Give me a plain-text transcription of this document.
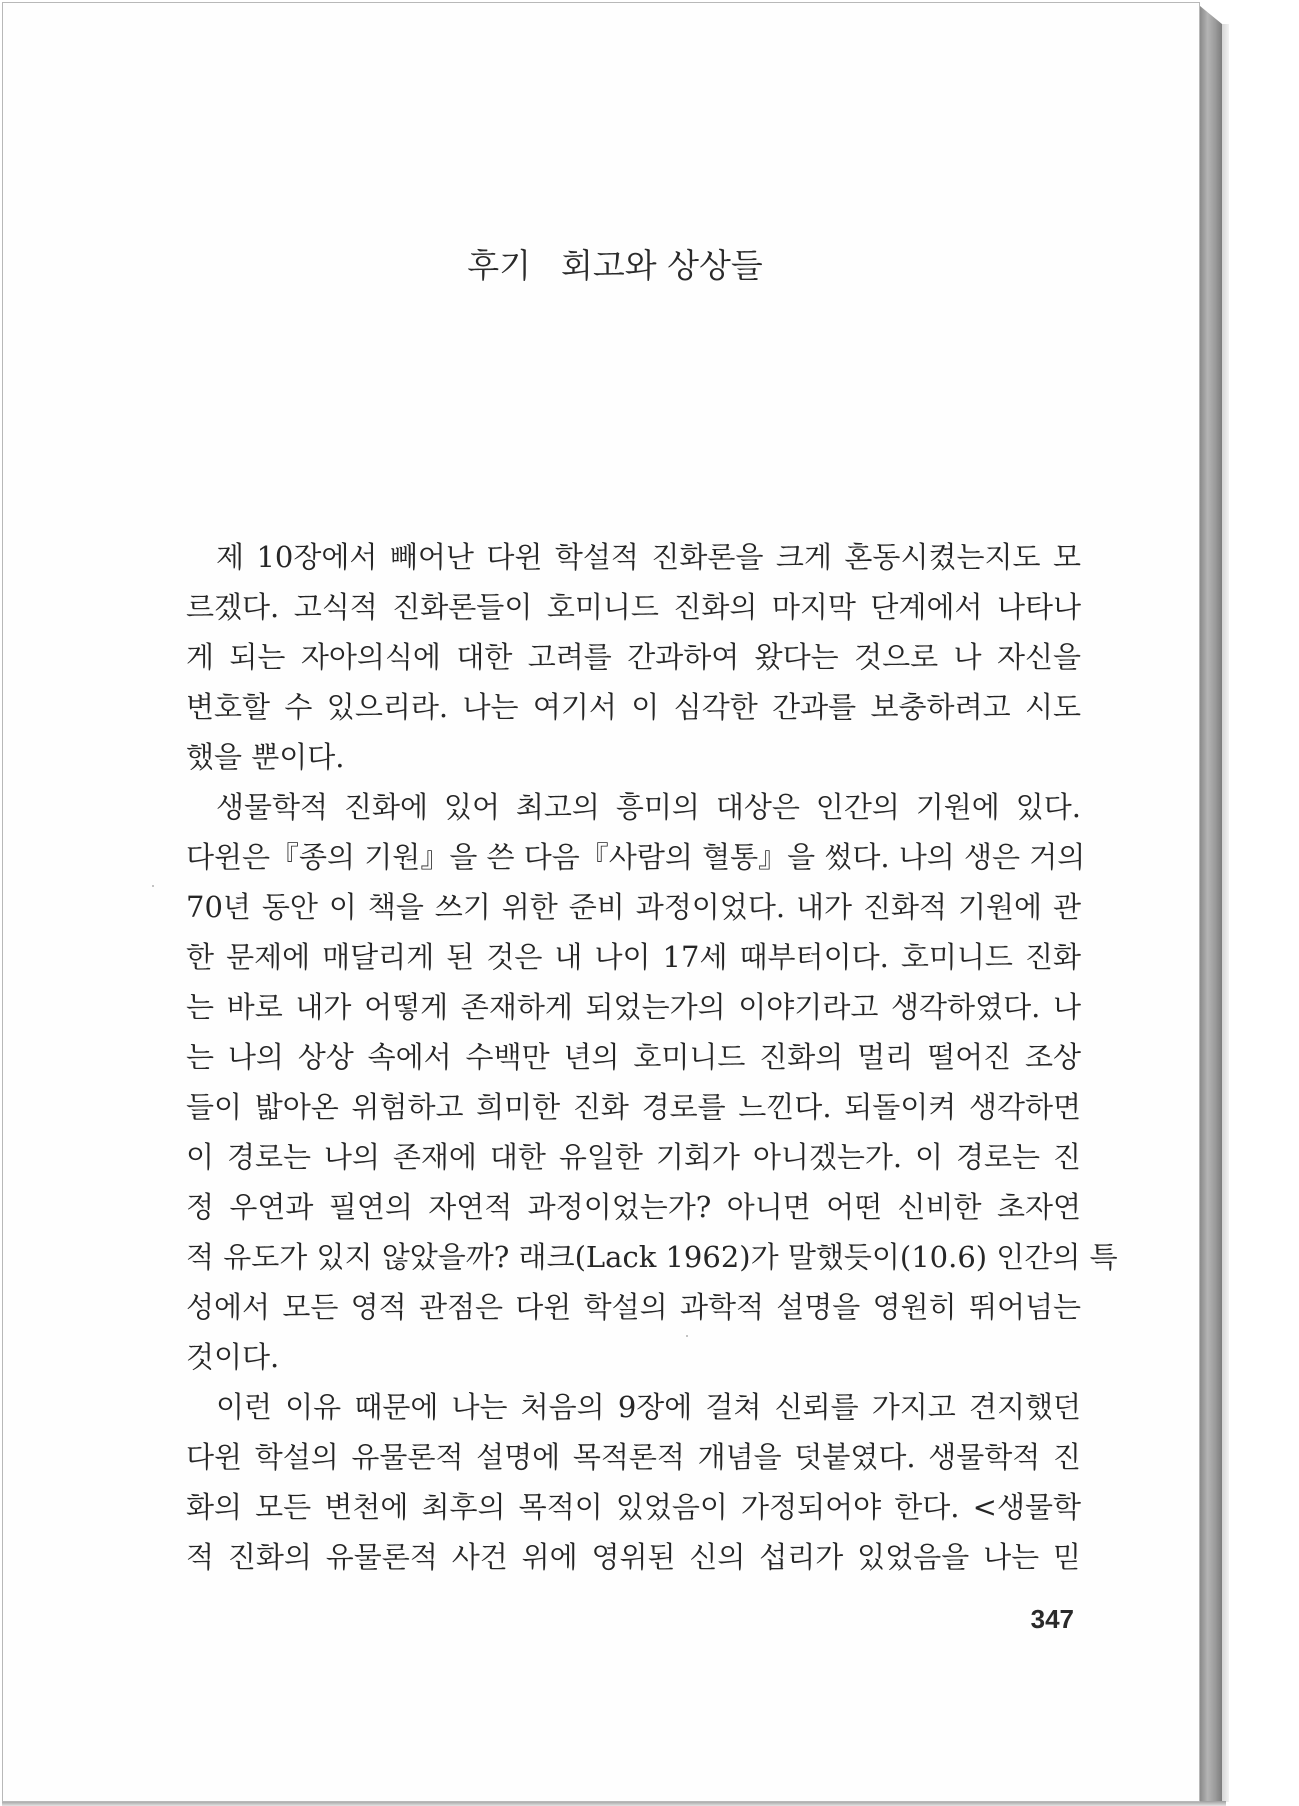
후기 회고와 상상들
제 10장에서 빼어난 다윈 학설적 진화론을 크게 혼동시켰는지도 모
르겠다. 고식적 진화론들이 호미니드 진화의 마지막 단계에서 나타나
게 되는 자아의식에 대한 고려를 간과하여 왔다는 것으로 나 자신을
변호할 수 있으리라. 나는 여기서 이 심각한 간과를 보충하려고 시도
했을 뿐이다.
생물학적 진화에 있어 최고의 흥미의 대상은 인간의 기원에 있다.
다윈은『종의 기원』을 쓴 다음『사람의 혈통』을 썼다. 나의 생은 거의
70년 동안 이 책을 쓰기 위한 준비 과정이었다. 내가 진화적 기원에 관
한 문제에 매달리게 된 것은 내 나이 17세 때부터이다. 호미니드 진화
는 바로 내가 어떻게 존재하게 되었는가의 이야기라고 생각하였다. 나
는 나의 상상 속에서 수백만 년의 호미니드 진화의 멀리 떨어진 조상
들이 밟아온 위험하고 희미한 진화 경로를 느낀다. 되돌이켜 생각하면
이 경로는 나의 존재에 대한 유일한 기회가 아니겠는가. 이 경로는 진
정 우연과 필연의 자연적 과정이었는가? 아니면 어떤 신비한 초자연
적 유도가 있지 않았을까? 래크(Lack 1962)가 말했듯이(10.6) 인간의 특
성에서 모든 영적 관점은 다윈 학설의 과학적 설명을 영원히 뛰어넘는
것이다.
이런 이유 때문에 나는 처음의 9장에 걸쳐 신뢰를 가지고 견지했던
다윈 학설의 유물론적 설명에 목적론적 개념을 덧붙였다. 생물학적 진
화의 모든 변천에 최후의 목적이 있었음이 가정되어야 한다. <생물학
적 진화의 유물론적 사건 위에 영위된 신의 섭리가 있었음을 나는 믿
347
